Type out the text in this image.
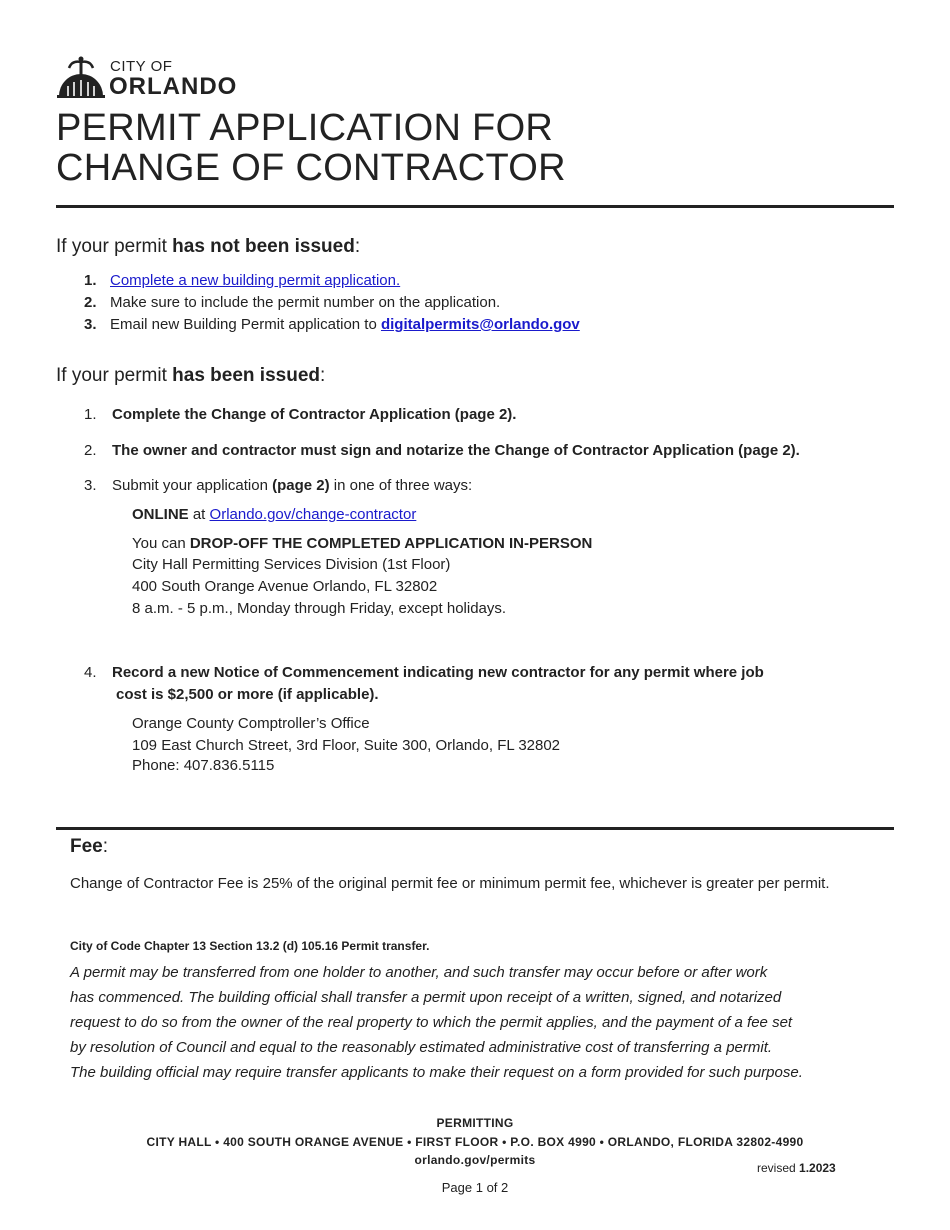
CITY OF
ORLANDO
PERMIT APPLICATION FOR
CHANGE OF CONTRACTOR
If your permit has not been issued:
1. Complete a new building permit application.
2. Make sure to include the permit number on the application.
3. Email new Building Permit application to digitalpermits@orlando.gov
If your permit has been issued:
1. Complete the Change of Contractor Application (page 2).
2. The owner and contractor must sign and notarize the Change of Contractor Application (page 2).
3. Submit your application (page 2) in one of three ways:
ONLINE at Orlando.gov/change-contractor
You can DROP-OFF THE COMPLETED APPLICATION IN-PERSON
City Hall Permitting Services Division (1st Floor)
400 South Orange Avenue Orlando, FL 32802
8 a.m. - 5 p.m., Monday through Friday, except holidays.
4. Record a new Notice of Commencement indicating new contractor for any permit where job
cost is $2,500 or more (if applicable).
Orange County Comptroller’s Office
109 East Church Street, 3rd Floor, Suite 300, Orlando, FL 32802
Phone: 407.836.5115
Fee:
Change of Contractor Fee is 25% of the original permit fee or minimum permit fee, whichever is greater per permit.
City of Code Chapter 13 Section 13.2 (d) 105.16 Permit transfer.
A permit may be transferred from one holder to another, and such transfer may occur before or after work
has commenced. The building official shall transfer a permit upon receipt of a written, signed, and notarized
request to do so from the owner of the real property to which the permit applies, and the payment of a fee set
by resolution of Council and equal to the reasonably estimated administrative cost of transferring a permit.
The building official may require transfer applicants to make their request on a form provided for such purpose.
PERMITTING
CITY HALL • 400 SOUTH ORANGE AVENUE • FIRST FLOOR • P.O. BOX 4990 • ORLANDO, FLORIDA 32802-4990
orlando.gov/permits
revised 1.2023
Page 1 of 2
